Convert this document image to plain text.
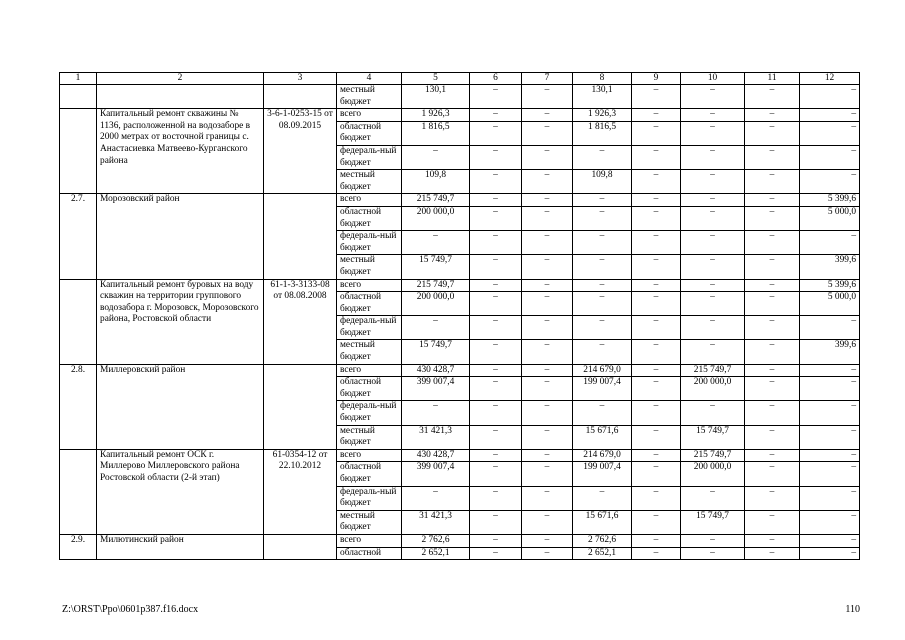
1	2	3	4	5	6	7	8	9	10	11	12
			местный бюджет	130,1	–	–	130,1	–	–	–	–
	Капитальный ремонт скважины № 1136, расположенной на водозаборе в 2000 метрах от восточной границы с. Анастасиевка Матвеево-Курганского района	3-6-1-0253-15 от 08.09.2015	всего	1 926,3	–	–	1 926,3	–	–	–	–
			областной бюджет	1 816,5	–	–	1 816,5	–	–	–	–
			федераль-ный бюджет	–	–	–	–	–	–	–	–
			местный бюджет	109,8	–	–	109,8	–	–	–	–
2.7.	Морозовский район		всего	215 749,7	–	–	–	–	–	–	5 399,6
			областной бюджет	200 000,0	–	–	–	–	–	–	5 000,0
			федераль-ный бюджет	–	–	–	–	–	–	–	–
			местный бюджет	15 749,7	–	–	–	–	–	–	399,6
	Капитальный ремонт буровых на воду скважин на территории группового водозабора г. Морозовск, Морозовского района, Ростовской области	61-1-3-3133-08 от 08.08.2008	всего	215 749,7	–	–	–	–	–	–	5 399,6
			областной бюджет	200 000,0	–	–	–	–	–	–	5 000,0
			федераль-ный бюджет	–	–	–	–	–	–	–	–
			местный бюджет	15 749,7	–	–	–	–	–	–	399,6
2.8.	Миллеровский район		всего	430 428,7	–	–	214 679,0	–	215 749,7	–	–
			областной бюджет	399 007,4	–	–	199 007,4	–	200 000,0	–	–
			федераль-ный бюджет	–	–	–	–	–	–	–	–
			местный бюджет	31 421,3	–	–	15 671,6	–	15 749,7	–	–
	Капитальный ремонт ОСК г. Миллерово Миллеровского района Ростовской области (2-й этап)	61-0354-12 от 22.10.2012	всего	430 428,7	–	–	214 679,0	–	215 749,7	–	–
			областной бюджет	399 007,4	–	–	199 007,4	–	200 000,0	–	–
			федераль-ный бюджет	–	–	–	–	–	–	–	–
			местный бюджет	31 421,3	–	–	15 671,6	–	15 749,7	–	–
2.9.	Милютинский район		всего	2 762,6	–	–	2 762,6	–	–	–	–
			областной	2 652,1	–	–	2 652,1	–	–	–	–
Z:\ORST\Ppo\0601p387.f16.docx	110
